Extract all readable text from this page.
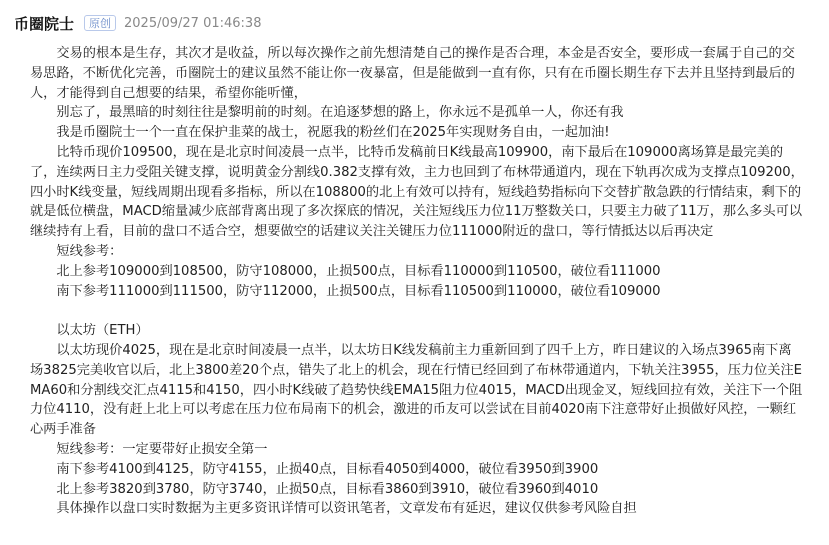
币圈院士	原创	2025/09/27 01:46:38

交易的根本是生存，其次才是收益，所以每次操作之前先想清楚自己的操作是否合理，本金是否安全，要形成一套属于自己的交易思路，不断优化完善，币圈院士的建议虽然不能让你一夜暴富，但是能做到一直有你，只有在币圈长期生存下去并且坚持到最后的人，才能得到自己想要的结果，希望你能听懂，

别忘了，最黑暗的时刻往往是黎明前的时刻。在追逐梦想的路上，你永远不是孤单一人，你还有我

我是币圈院士一个一直在保护韭菜的战士，祝愿我的粉丝们在2025年实现财务自由，一起加油!

比特币现价109500，现在是北京时间凌晨一点半，比特币发稿前日K线最高109900，南下最后在109000离场算是最完美的了，连续两日主力受阻关键支撑，说明黄金分割线0.382支撑有效，主力也回到了布林带通道内，现在下轨再次成为支撑点109200，四小时K线变量，短线周期出现看多指标，所以在108800的北上有效可以持有，短线趋势指标向下交替扩散急跌的行情结束，剩下的就是低位横盘，MACD缩量减少底部背离出现了多次探底的情况，关注短线压力位11万整数关口，只要主力破了11万，那么多头可以继续持有上看，目前的盘口不适合空，想要做空的话建议关注关键压力位111000附近的盘口，等行情抵达以后再决定

短线参考：

北上参考109000到108500，防守108000，止损500点，目标看110000到110500，破位看111000

南下参考111000到111500，防守112000，止损500点，目标看110500到110000，破位看109000

以太坊（ETH）

以太坊现价4025，现在是北京时间凌晨一点半，以太坊日K线发稿前主力重新回到了四千上方，昨日建议的入场点3965南下离场3825完美收官以后，北上3800差20个点，错失了北上的机会，现在行情已经回到了布林带通道内，下轨关注3955，压力位关注EMA60和分割线交汇点4115和4150，四小时K线破了趋势快线EMA15阻力位4015，MACD出现金叉，短线回拉有效，关注下一个阻力位4110，没有赶上北上可以考虑在压力位布局南下的机会，激进的币友可以尝试在目前4020南下注意带好止损做好风控，一颗红心两手准备

短线参考：一定要带好止损安全第一

南下参考4100到4125，防守4155，止损40点，目标看4050到4000，破位看3950到3900

北上参考3820到3780，防守3740，止损50点，目标看3860到3910，破位看3960到4010

具体操作以盘口实时数据为主更多资讯详情可以资讯笔者，文章发布有延迟，建议仅供参考风险自担
